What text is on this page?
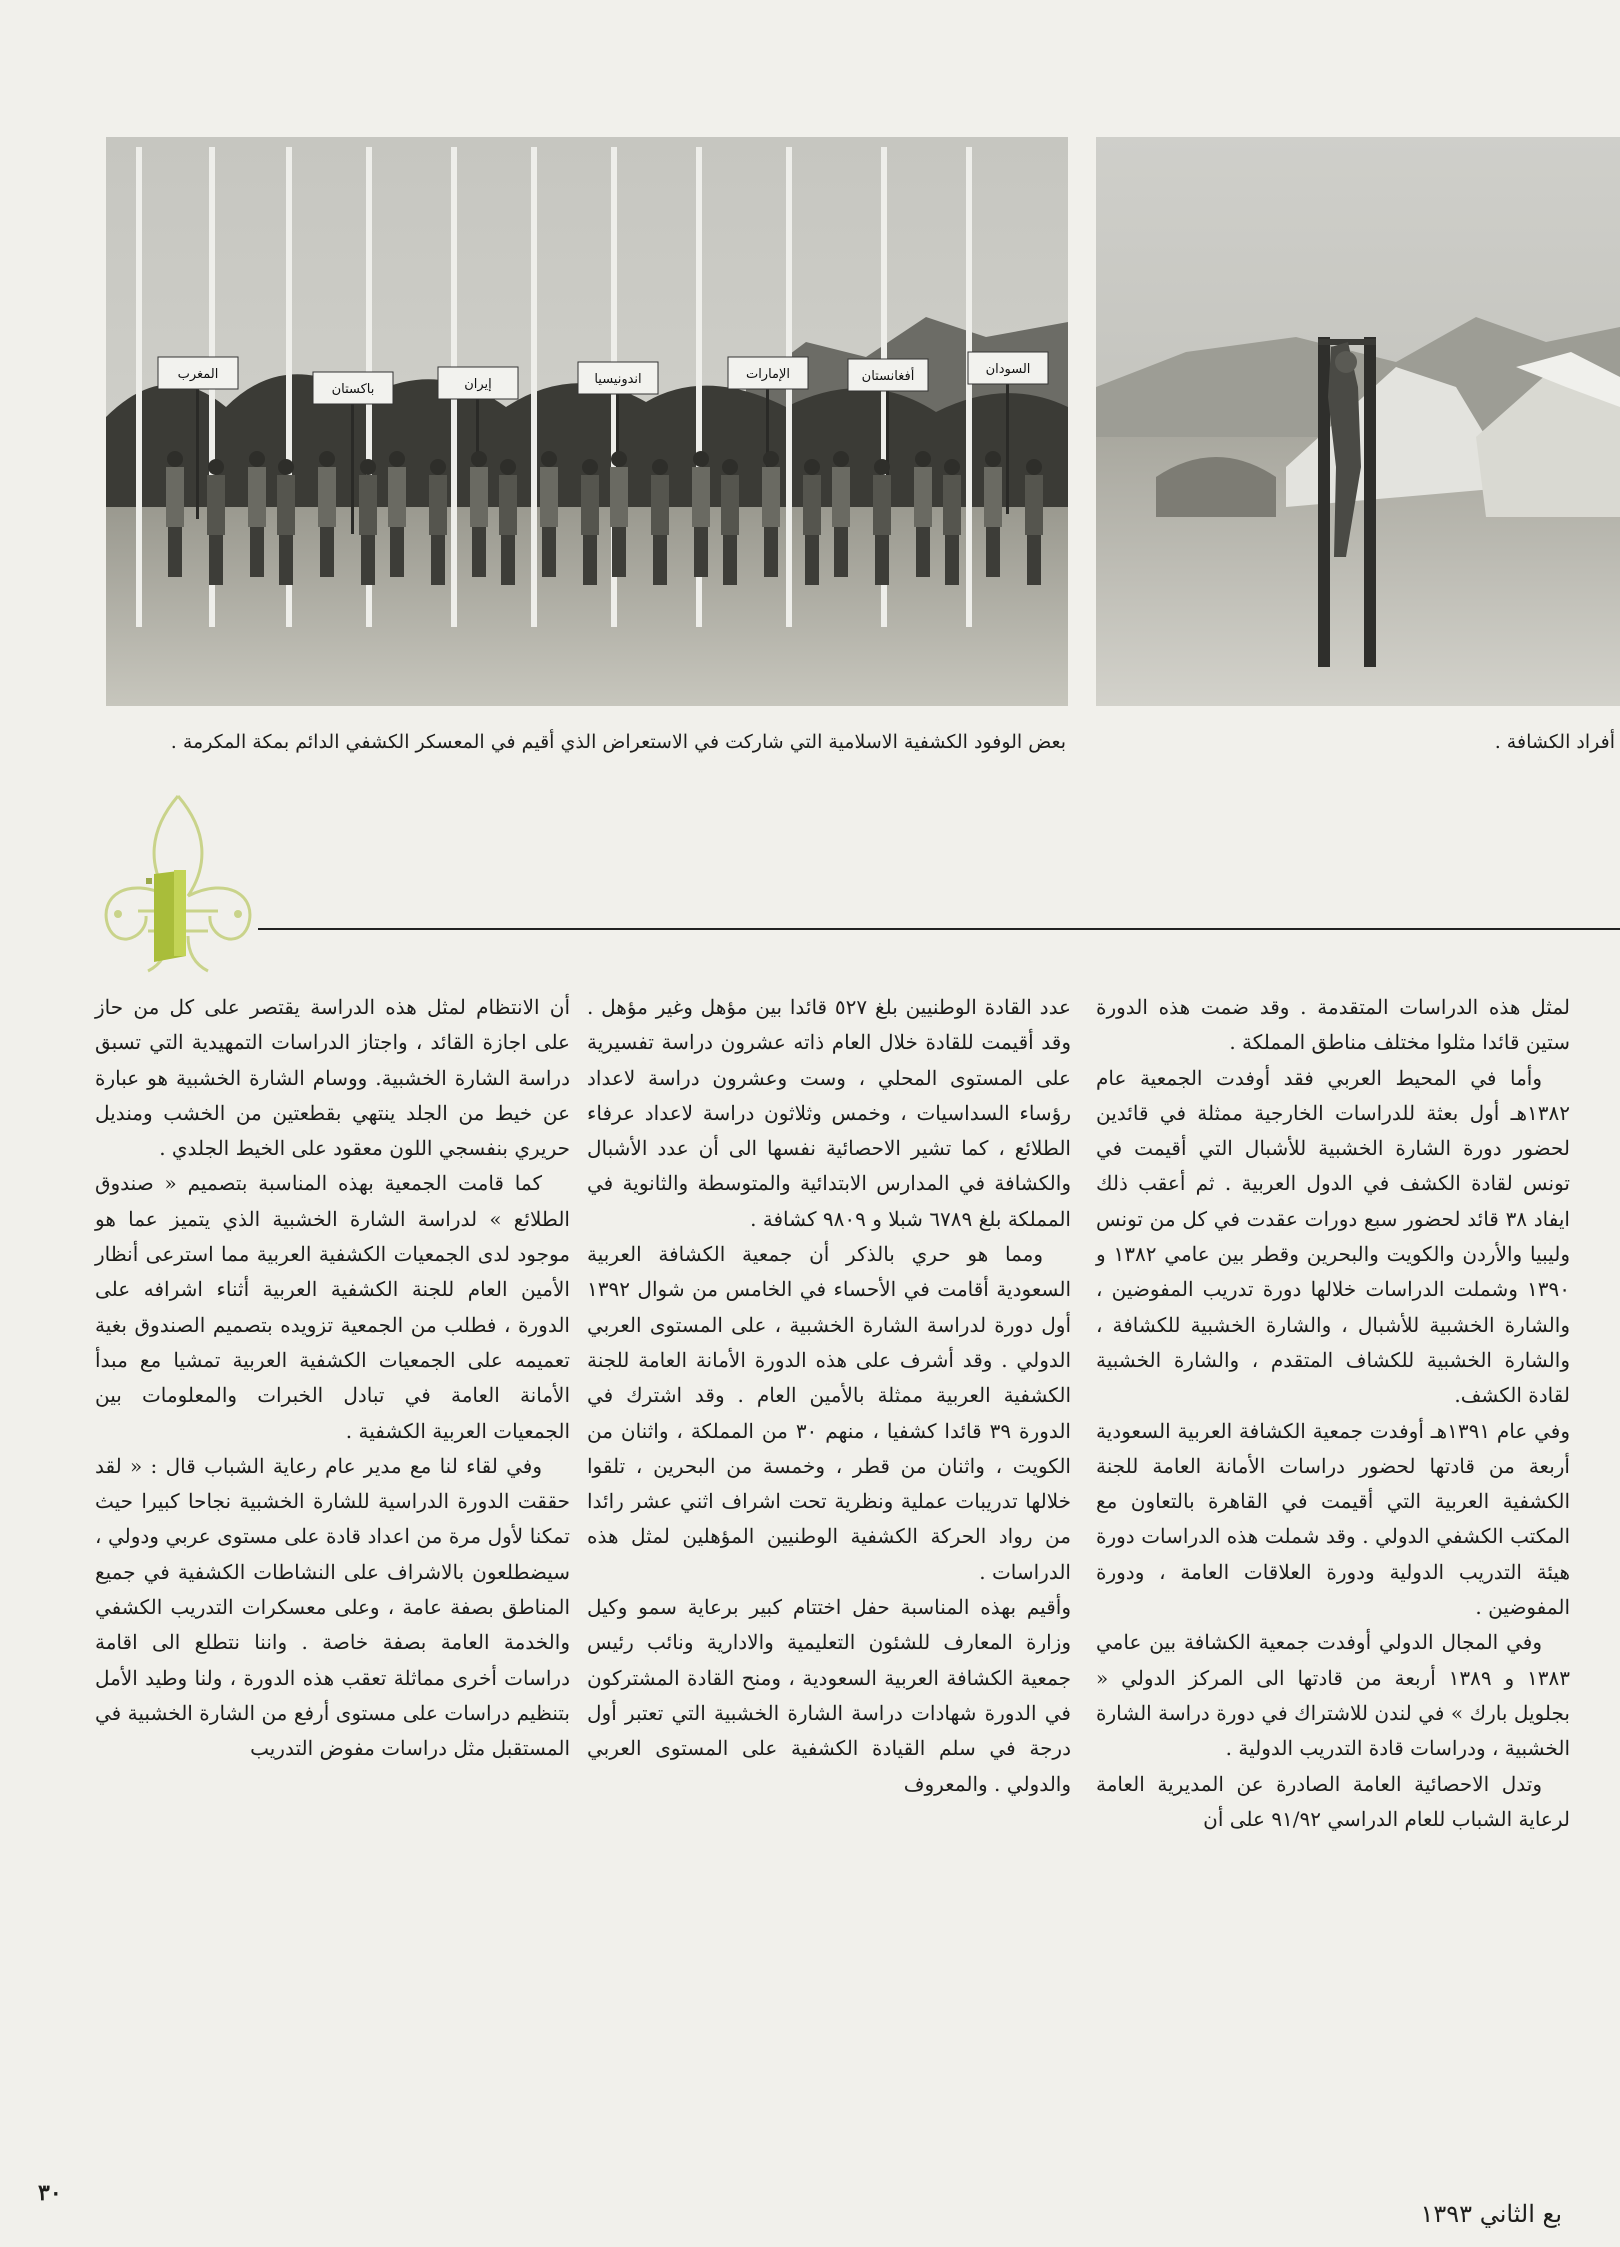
أفراد الكشافة .
المغرب
باكستان	إيران	اندونيسيا	الإمارات	أفغانستان	السودان
بعض الوفود الكشفية الاسلامية التي شاركت في الاستعراض الذي أقيم في المعسكر الكشفي الدائم بمكة المكرمة .

لمثل هذه الدراسات المتقدمة . وقد ضمت هذه الدورة ستين قائدا مثلوا مختلف مناطق المملكة .

وأما في المحيط العربي فقد أوفدت الجمعية عام ١٣٨٢هـ أول بعثة للدراسات الخارجية ممثلة في قائدين لحضور دورة الشارة الخشبية للأشبال التي أقيمت في تونس لقادة الكشف في الدول العربية . ثم أعقب ذلك ايفاد ٣٨ قائد لحضور سبع دورات عقدت في كل من تونس وليبيا والأردن والكويت والبحرين وقطر بين عامي ١٣٨٢ و ١٣٩٠ وشملت الدراسات خلالها دورة تدريب المفوضين ، والشارة الخشبية للأشبال ، والشارة الخشبية للكشافة ، والشارة الخشبية للكشاف المتقدم ، والشارة الخشبية لقادة الكشف.

وفي عام ١٣٩١هـ أوفدت جمعية الكشافة العربية السعودية أربعة من قادتها لحضور دراسات الأمانة العامة للجنة الكشفية العربية التي أقيمت في القاهرة بالتعاون مع المكتب الكشفي الدولي . وقد شملت هذه الدراسات دورة هيئة التدريب الدولية ودورة العلاقات العامة ، ودورة المفوضين .

وفي المجال الدولي أوفدت جمعية الكشافة بين عامي ١٣٨٣ و ١٣٨٩ أربعة من قادتها الى المركز الدولي « بجلويل بارك » في لندن للاشتراك في دورة دراسة الشارة الخشبية ، ودراسات قادة التدريب الدولية .

وتدل الاحصائية العامة الصادرة عن المديرية العامة لرعاية الشباب للعام الدراسي ٩١/٩٢ على أن

عدد القادة الوطنيين بلغ ٥٢٧ قائدا بين مؤهل وغير مؤهل . وقد أقيمت للقادة خلال العام ذاته عشرون دراسة تفسيرية على المستوى المحلي ، وست وعشرون دراسة لاعداد رؤساء السداسيات ، وخمس وثلاثون دراسة لاعداد عرفاء الطلائع ، كما تشير الاحصائية نفسها الى أن عدد الأشبال والكشافة في المدارس الابتدائية والمتوسطة والثانوية في المملكة بلغ ٦٧٨٩ شبلا و ٩٨٠٩ كشافة .

ومما هو حري بالذكر أن جمعية الكشافة العربية السعودية أقامت في الأحساء في الخامس من شوال ١٣٩٢ أول دورة لدراسة الشارة الخشبية ، على المستوى العربي الدولي . وقد أشرف على هذه الدورة الأمانة العامة للجنة الكشفية العربية ممثلة بالأمين العام . وقد اشترك في الدورة ٣٩ قائدا كشفيا ، منهم ٣٠ من المملكة ، واثنان من الكويت ، واثنان من قطر ، وخمسة من البحرين ، تلقوا خلالها تدريبات عملية ونظرية تحت اشراف اثني عشر رائدا من رواد الحركة الكشفية الوطنيين المؤهلين لمثل هذه الدراسات .

وأقيم بهذه المناسبة حفل اختتام كبير برعاية سمو وكيل وزارة المعارف للشئون التعليمية والادارية ونائب رئيس جمعية الكشافة العربية السعودية ، ومنح القادة المشتركون في الدورة شهادات دراسة الشارة الخشبية التي تعتبر أول درجة في سلم القيادة الكشفية على المستوى العربي والدولي . والمعروف

أن الانتظام لمثل هذه الدراسة يقتصر على كل من حاز على اجازة القائد ، واجتاز الدراسات التمهيدية التي تسبق دراسة الشارة الخشبية. ووسام الشارة الخشبية هو عبارة عن خيط من الجلد ينتهي بقطعتين من الخشب ومنديل حريري بنفسجي اللون معقود على الخيط الجلدي .

كما قامت الجمعية بهذه المناسبة بتصميم « صندوق الطلائع » لدراسة الشارة الخشبية الذي يتميز عما هو موجود لدى الجمعيات الكشفية العربية مما استرعى أنظار الأمين العام للجنة الكشفية العربية أثناء اشرافه على الدورة ، فطلب من الجمعية تزويده بتصميم الصندوق بغية تعميمه على الجمعيات الكشفية العربية تمشيا مع مبدأ الأمانة العامة في تبادل الخبرات والمعلومات بين الجمعيات العربية الكشفية .

وفي لقاء لنا مع مدير عام رعاية الشباب قال : « لقد حققت الدورة الدراسية للشارة الخشبية نجاحا كبيرا حيث تمكنا لأول مرة من اعداد قادة على مستوى عربي ودولي ، سيضطلعون بالاشراف على النشاطات الكشفية في جميع المناطق بصفة عامة ، وعلى معسكرات التدريب الكشفي والخدمة العامة بصفة خاصة . واننا نتطلع الى اقامة دراسات أخرى مماثلة تعقب هذه الدورة ، ولنا وطيد الأمل بتنظيم دراسات على مستوى أرفع من الشارة الخشبية في المستقبل مثل دراسات مفوض التدريب

٣٠
بع الثاني ١٣٩٣
